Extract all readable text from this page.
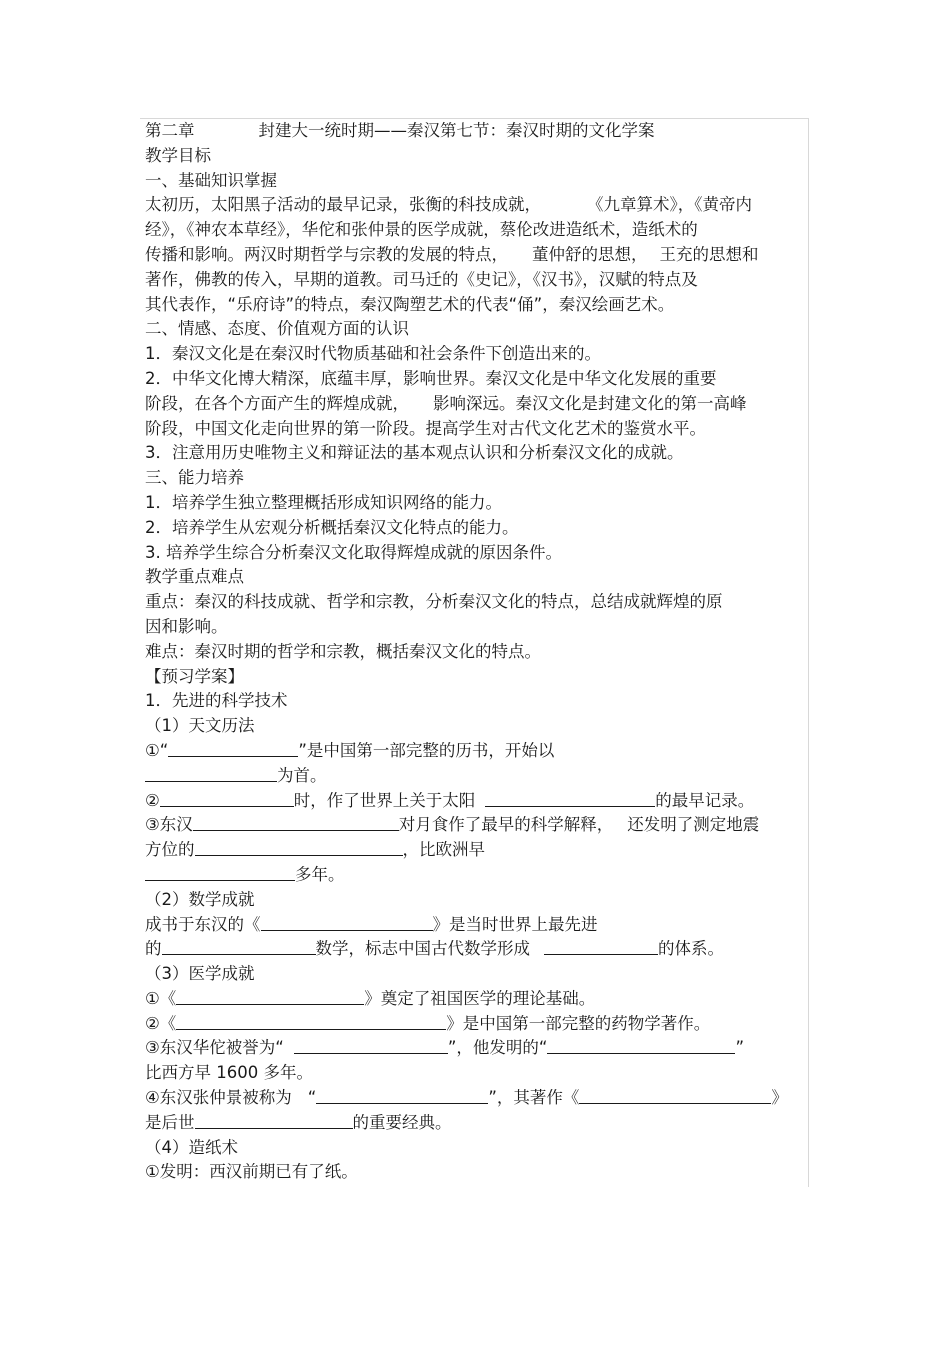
第二章	封建大一统时期——秦汉第七节：秦汉时期的文化学案
教学目标
一、基础知识掌握
太初历，太阳黑子活动的最早记录，张衡的科技成就，	《九章算术》，《黄帝内
经》，《神农本草经》，华佗和张仲景的医学成就，蔡伦改进造纸术，造纸术的
传播和影响。两汉时期哲学与宗教的发展的特点， 董仲舒的思想， 王充的思想和
著作，佛教的传入，早期的道教。司马迁的《史记》，《汉书》，汉赋的特点及
其代表作，“乐府诗”的特点，秦汉陶塑艺术的代表“俑”，秦汉绘画艺术。
二、情感、态度、价值观方面的认识
1．秦汉文化是在秦汉时代物质基础和社会条件下创造出来的。
2．中华文化博大精深，底蕴丰厚，影响世界。秦汉文化是中华文化发展的重要
阶段，在各个方面产生的辉煌成就， 影响深远。秦汉文化是封建文化的第一高峰
阶段，中国文化走向世界的第一阶段。提高学生对古代文化艺术的鉴赏水平。
3．注意用历史唯物主义和辩证法的基本观点认识和分析秦汉文化的成就。
三、能力培养
1．培养学生独立整理概括形成知识网络的能力。
2．培养学生从宏观分析概括秦汉文化特点的能力。
3. 培养学生综合分析秦汉文化取得辉煌成就的原因条件。
教学重点难点
重点：秦汉的科技成就、哲学和宗教，分析秦汉文化的特点，总结成就辉煌的原
因和影响。
难点：秦汉时期的哲学和宗教，概括秦汉文化的特点。
【预习学案】
1．先进的科学技术
（1）天文历法
①“	”是中国第一部完整的历书，开始以
为首。
②	时，作了世界上关于太阳	的最早记录。
③东汉	对月食作了最早的科学解释， 还发明了测定地震
方位的	，比欧洲早
多年。
（2）数学成就
成书于东汉的《	》是当时世界上最先进
的	数学，标志中国古代数学形成	的体系。
（3）医学成就
①《	》奠定了祖国医学的理论基础。
②《	》是中国第一部完整的药物学著作。
③东汉华佗被誉为“	”，他发明的“	”
比西方早 1600 多年。
④东汉张仲景被称为 “	”，其著作《	》
是后世	的重要经典。
（4）造纸术
①发明：西汉前期已有了纸。
